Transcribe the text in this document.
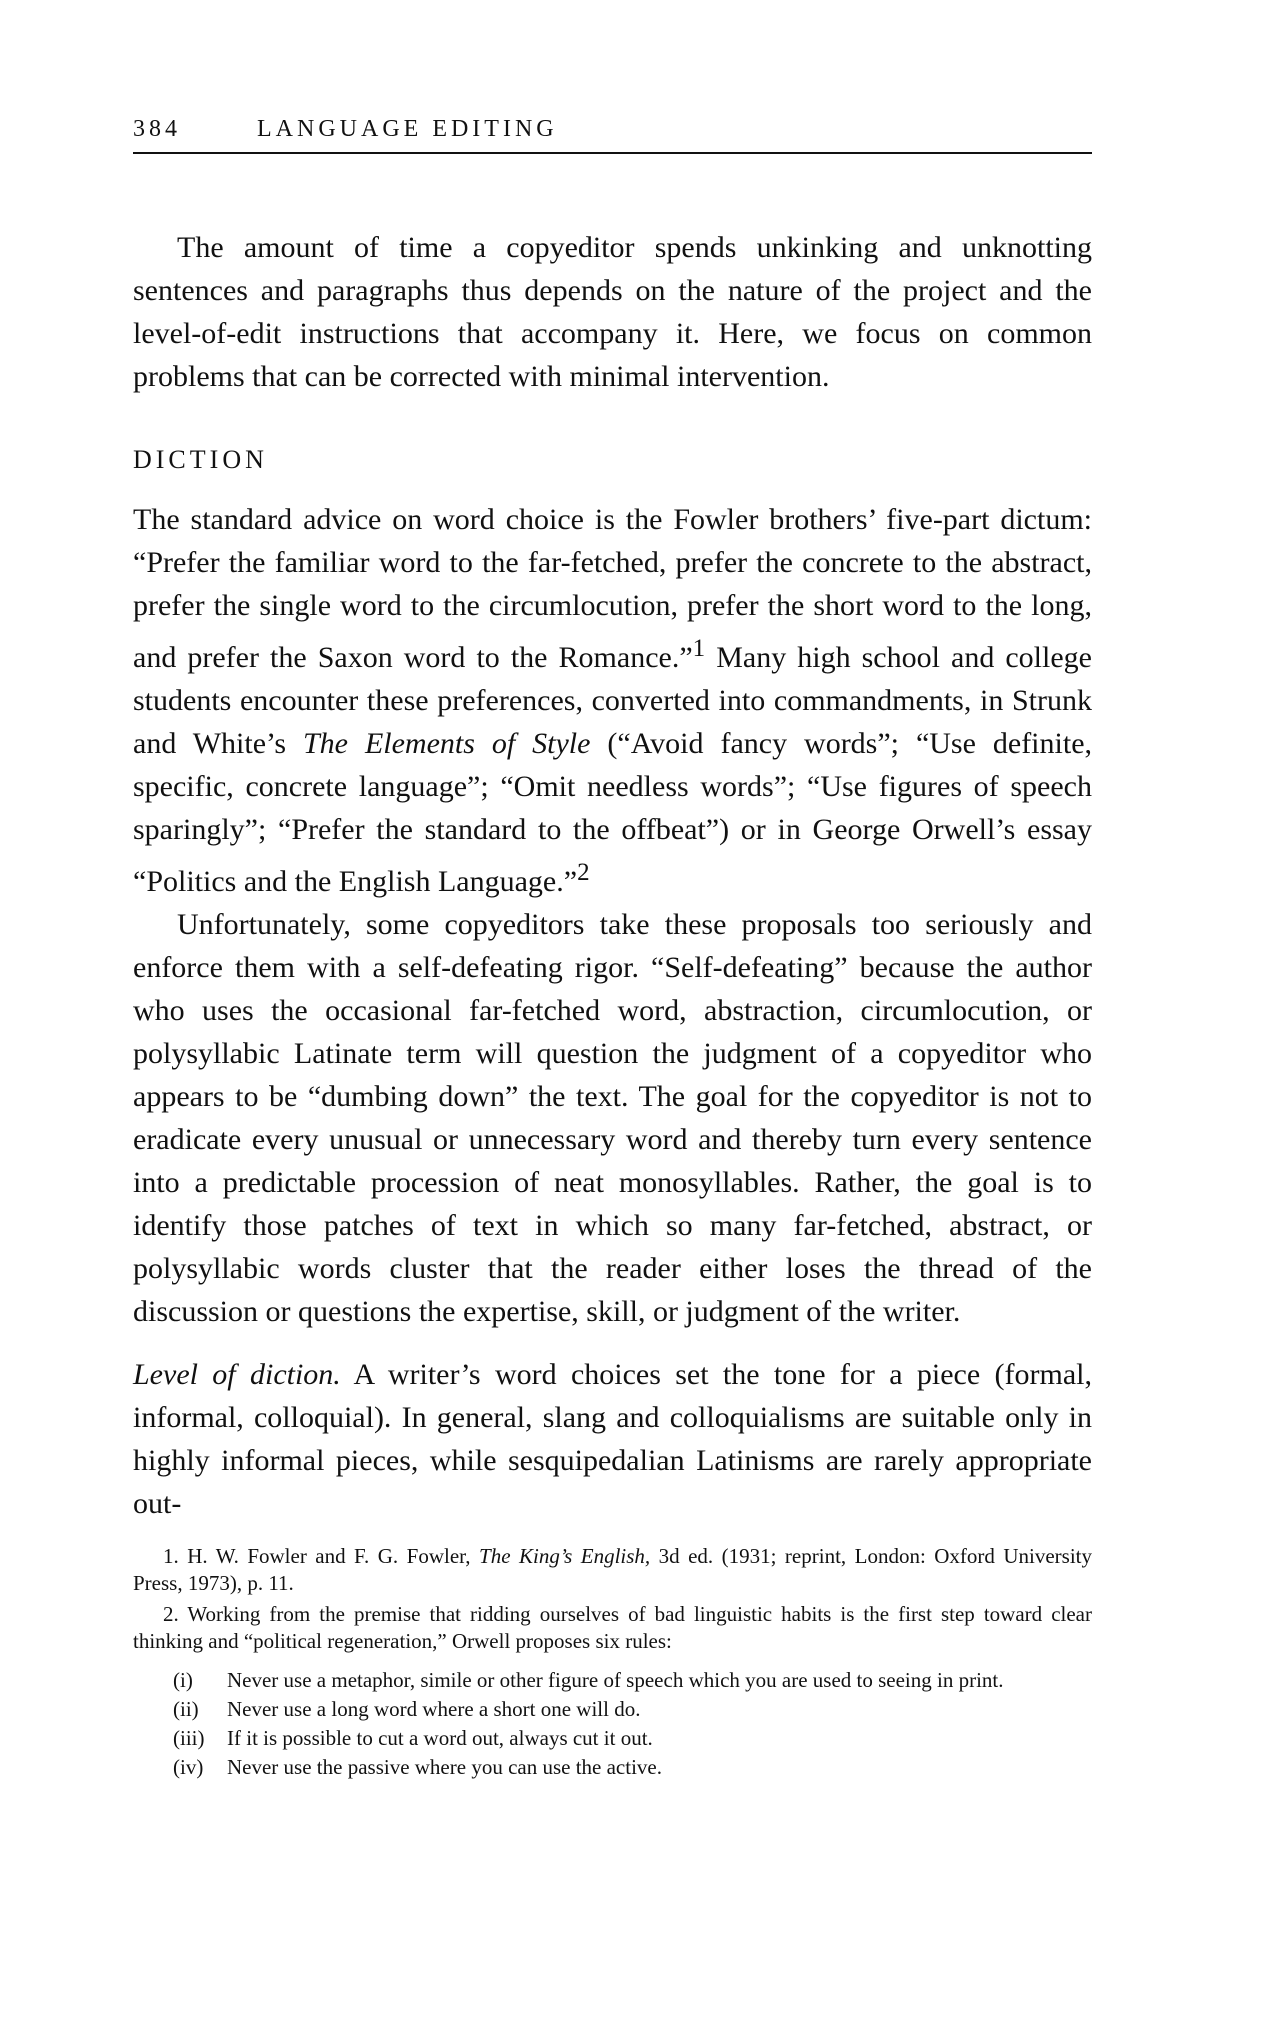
384	LANGUAGE EDITING

The amount of time a copyeditor spends unkinking and unknotting sentences and paragraphs thus depends on the nature of the project and the level-of-edit instructions that accompany it. Here, we focus on common problems that can be corrected with minimal intervention.

DICTION

The standard advice on word choice is the Fowler brothers’ five-part dictum: “Prefer the familiar word to the far-fetched, prefer the concrete to the abstract, prefer the single word to the circumlocution, prefer the short word to the long, and prefer the Saxon word to the Romance.”$^1$ Many high school and college students encounter these preferences, converted into commandments, in Strunk and White’s The Elements of Style (“Avoid fancy words”; “Use definite, specific, concrete language”; “Omit needless words”; “Use figures of speech sparingly”; “Prefer the standard to the offbeat”) or in George Orwell’s essay “Politics and the English Language.”$^2$

Unfortunately, some copyeditors take these proposals too seriously and enforce them with a self-defeating rigor. “Self-defeating” because the author who uses the occasional far-fetched word, abstraction, circumlocution, or polysyllabic Latinate term will question the judgment of a copyeditor who appears to be “dumbing down” the text. The goal for the copyeditor is not to eradicate every unusual or unnecessary word and thereby turn every sentence into a predictable procession of neat monosyllables. Rather, the goal is to identify those patches of text in which so many far-fetched, abstract, or polysyllabic words cluster that the reader either loses the thread of the discussion or questions the expertise, skill, or judgment of the writer.

Level of diction. A writer’s word choices set the tone for a piece (formal, informal, colloquial). In general, slang and colloquialisms are suitable only in highly informal pieces, while sesquipedalian Latinisms are rarely appropriate out-

1. H. W. Fowler and F. G. Fowler, The King’s English, 3d ed. (1931; reprint, London: Oxford University Press, 1973), p. 11.

2. Working from the premise that ridding ourselves of bad linguistic habits is the first step toward clear thinking and “political regeneration,” Orwell proposes six rules:

(i)	Never use a metaphor, simile or other figure of speech which you are used to seeing in print.
(ii)	Never use a long word where a short one will do.
(iii)	If it is possible to cut a word out, always cut it out.
(iv)	Never use the passive where you can use the active.
